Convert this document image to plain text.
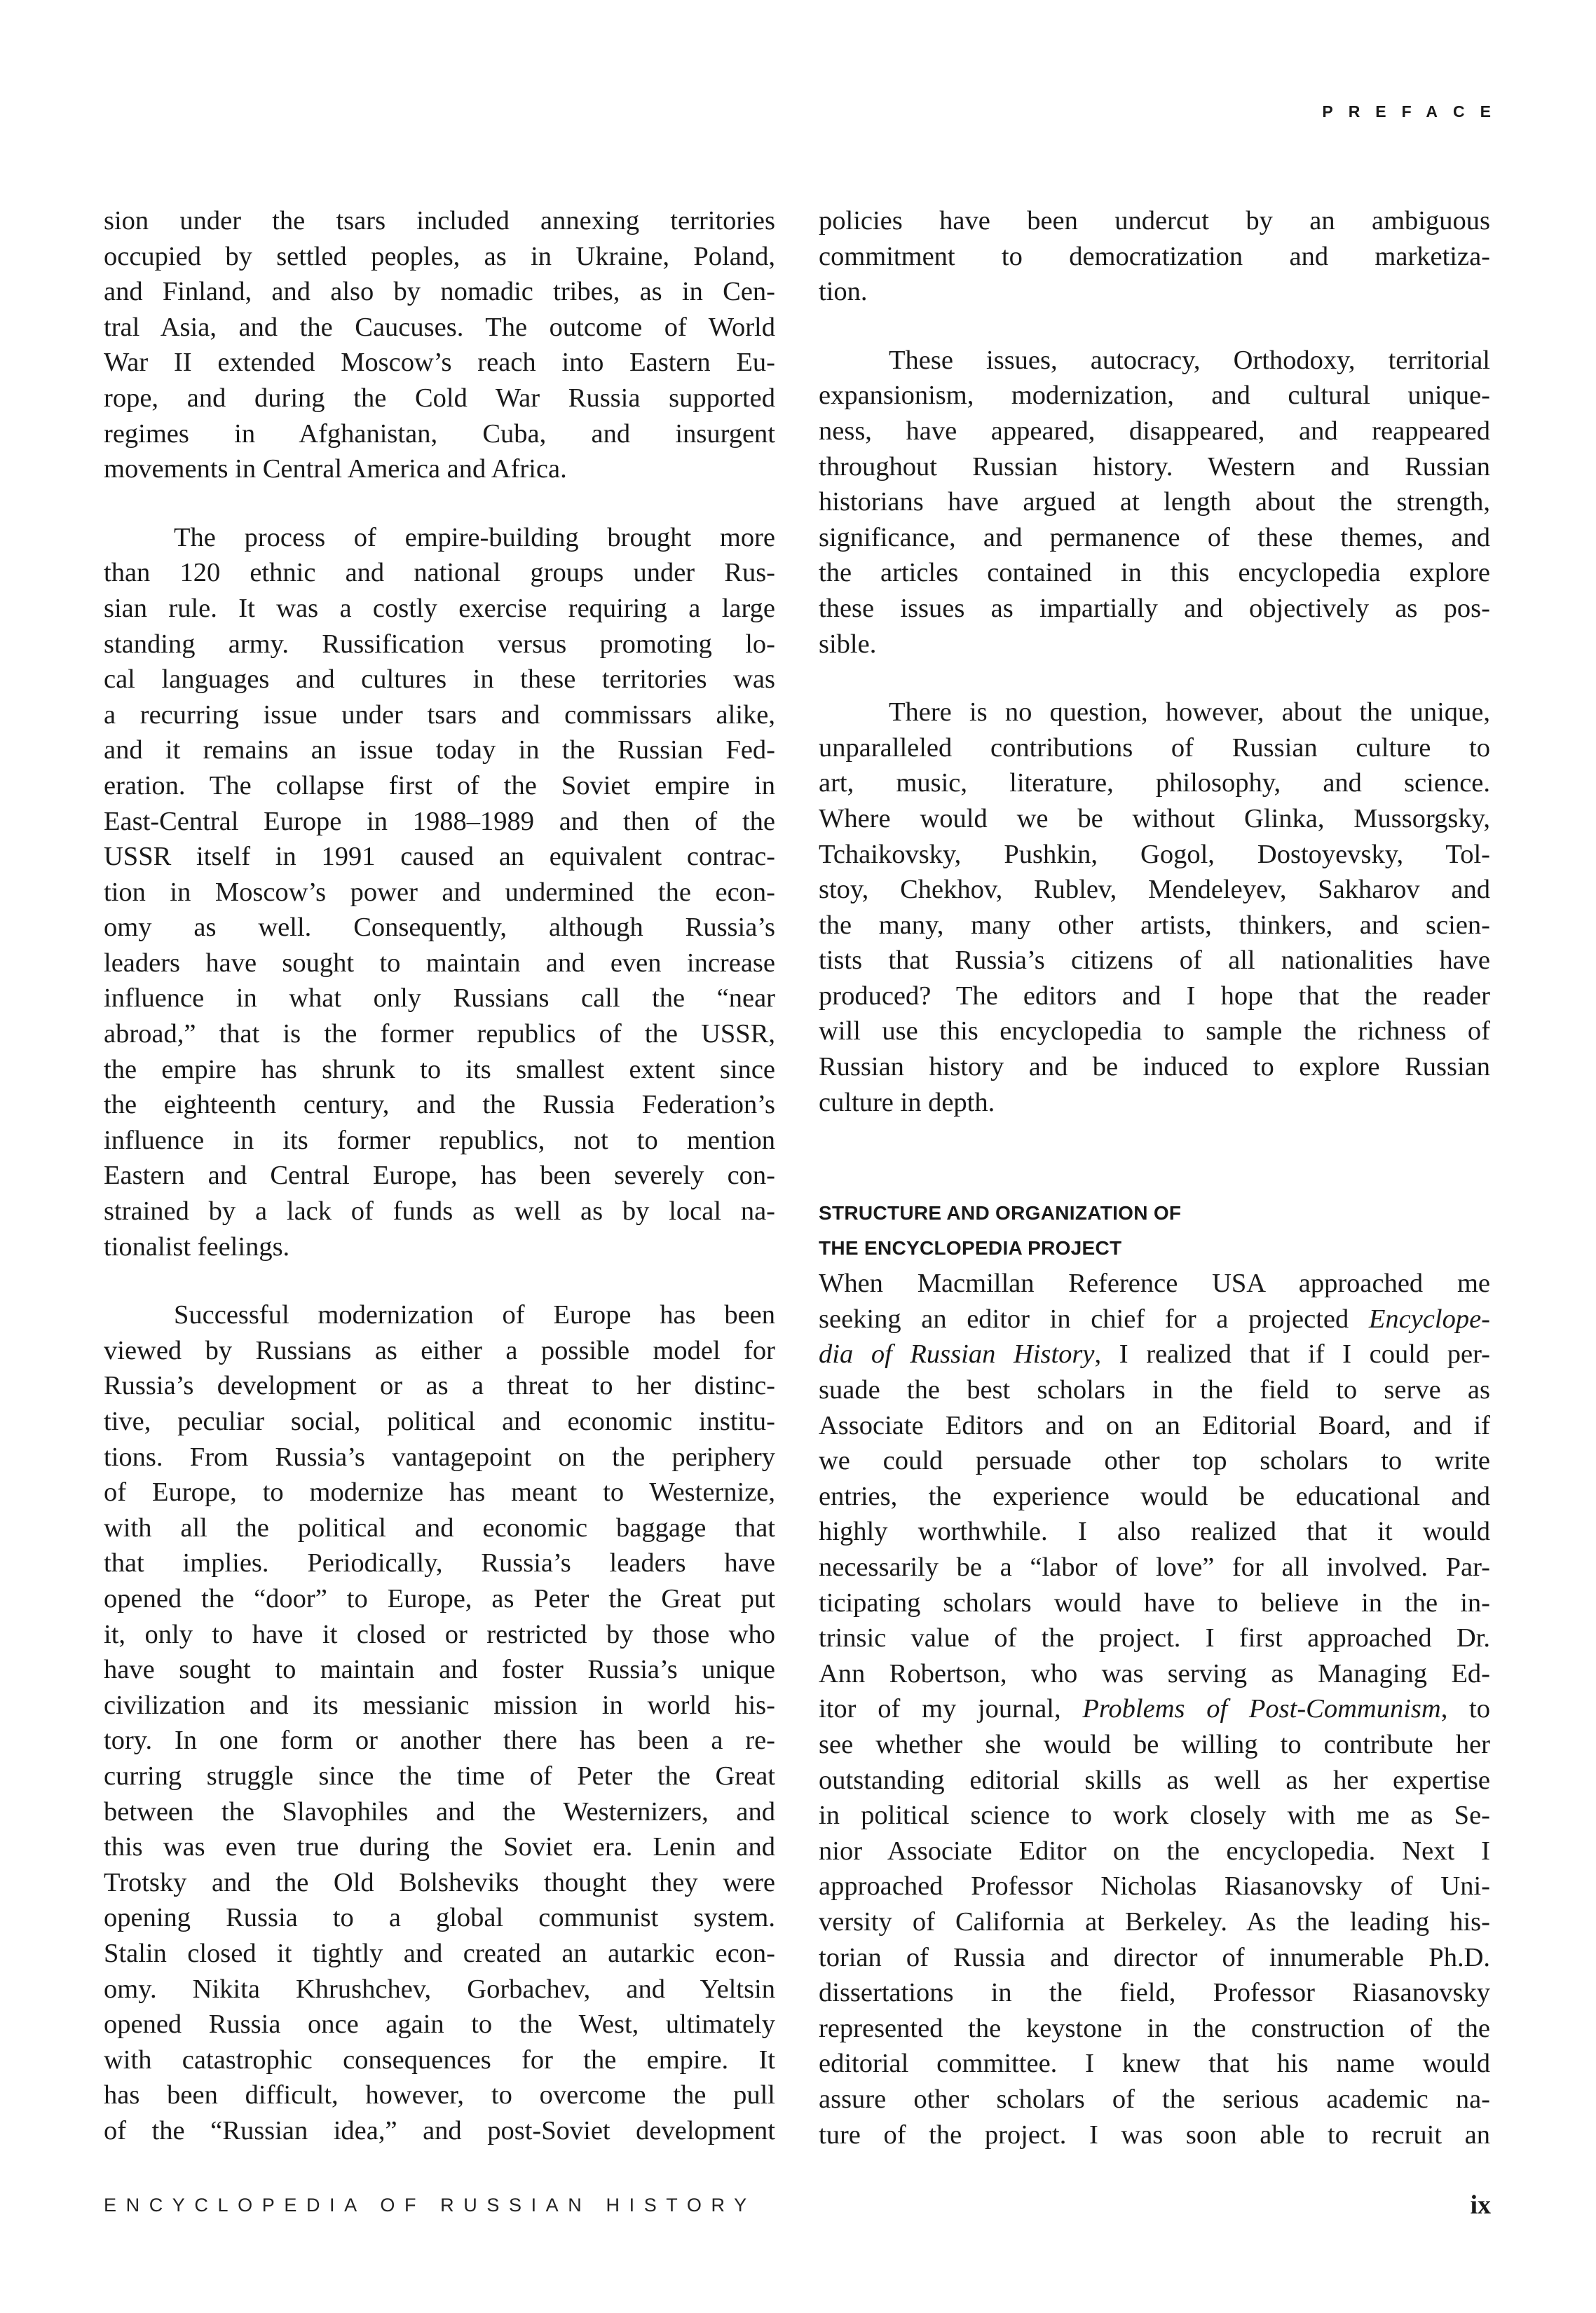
PREFACE
sion under the tsars included annexing territories
occupied by settled peoples, as in Ukraine, Poland,
and Finland, and also by nomadic tribes, as in Cen-
tral Asia, and the Caucuses. The outcome of World
War II extended Moscow’s reach into Eastern Eu-
rope, and during the Cold War Russia supported
regimes in Afghanistan, Cuba, and insurgent
movements in Central America and Africa.
The process of empire-building brought more
than 120 ethnic and national groups under Rus-
sian rule. It was a costly exercise requiring a large
standing army. Russification versus promoting lo-
cal languages and cultures in these territories was
a recurring issue under tsars and commissars alike,
and it remains an issue today in the Russian Fed-
eration. The collapse first of the Soviet empire in
East-Central Europe in 1988–1989 and then of the
USSR itself in 1991 caused an equivalent contrac-
tion in Moscow’s power and undermined the econ-
omy as well. Consequently, although Russia’s
leaders have sought to maintain and even increase
influence in what only Russians call the “near
abroad,” that is the former republics of the USSR,
the empire has shrunk to its smallest extent since
the eighteenth century, and the Russia Federation’s
influence in its former republics, not to mention
Eastern and Central Europe, has been severely con-
strained by a lack of funds as well as by local na-
tionalist feelings.
Successful modernization of Europe has been
viewed by Russians as either a possible model for
Russia’s development or as a threat to her distinc-
tive, peculiar social, political and economic institu-
tions. From Russia’s vantagepoint on the periphery
of Europe, to modernize has meant to Westernize,
with all the political and economic baggage that
that implies. Periodically, Russia’s leaders have
opened the “door” to Europe, as Peter the Great put
it, only to have it closed or restricted by those who
have sought to maintain and foster Russia’s unique
civilization and its messianic mission in world his-
tory. In one form or another there has been a re-
curring struggle since the time of Peter the Great
between the Slavophiles and the Westernizers, and
this was even true during the Soviet era. Lenin and
Trotsky and the Old Bolsheviks thought they were
opening Russia to a global communist system.
Stalin closed it tightly and created an autarkic econ-
omy. Nikita Khrushchev, Gorbachev, and Yeltsin
opened Russia once again to the West, ultimately
with catastrophic consequences for the empire. It
has been difficult, however, to overcome the pull
of the “Russian idea,” and post-Soviet development
policies have been undercut by an ambiguous
commitment to democratization and marketiza-
tion.
These issues, autocracy, Orthodoxy, territorial
expansionism, modernization, and cultural unique-
ness, have appeared, disappeared, and reappeared
throughout Russian history. Western and Russian
historians have argued at length about the strength,
significance, and permanence of these themes, and
the articles contained in this encyclopedia explore
these issues as impartially and objectively as pos-
sible.
There is no question, however, about the unique,
unparalleled contributions of Russian culture to
art, music, literature, philosophy, and science.
Where would we be without Glinka, Mussorgsky,
Tchaikovsky, Pushkin, Gogol, Dostoyevsky, Tol-
stoy, Chekhov, Rublev, Mendeleyev, Sakharov and
the many, many other artists, thinkers, and scien-
tists that Russia’s citizens of all nationalities have
produced? The editors and I hope that the reader
will use this encyclopedia to sample the richness of
Russian history and be induced to explore Russian
culture in depth.
STRUCTURE AND ORGANIZATION OF
THE ENCYCLOPEDIA PROJECT
When Macmillan Reference USA approached me
seeking an editor in chief for a projected Encyclope-
dia of Russian History, I realized that if I could per-
suade the best scholars in the field to serve as
Associate Editors and on an Editorial Board, and if
we could persuade other top scholars to write
entries, the experience would be educational and
highly worthwhile. I also realized that it would
necessarily be a “labor of love” for all involved. Par-
ticipating scholars would have to believe in the in-
trinsic value of the project. I first approached Dr.
Ann Robertson, who was serving as Managing Ed-
itor of my journal, Problems of Post-Communism, to
see whether she would be willing to contribute her
outstanding editorial skills as well as her expertise
in political science to work closely with me as Se-
nior Associate Editor on the encyclopedia. Next I
approached Professor Nicholas Riasanovsky of Uni-
versity of California at Berkeley. As the leading his-
torian of Russia and director of innumerable Ph.D.
dissertations in the field, Professor Riasanovsky
represented the keystone in the construction of the
editorial committee. I knew that his name would
assure other scholars of the serious academic na-
ture of the project. I was soon able to recruit an
ENCYCLOPEDIA OF RUSSIAN HISTORY	ix
